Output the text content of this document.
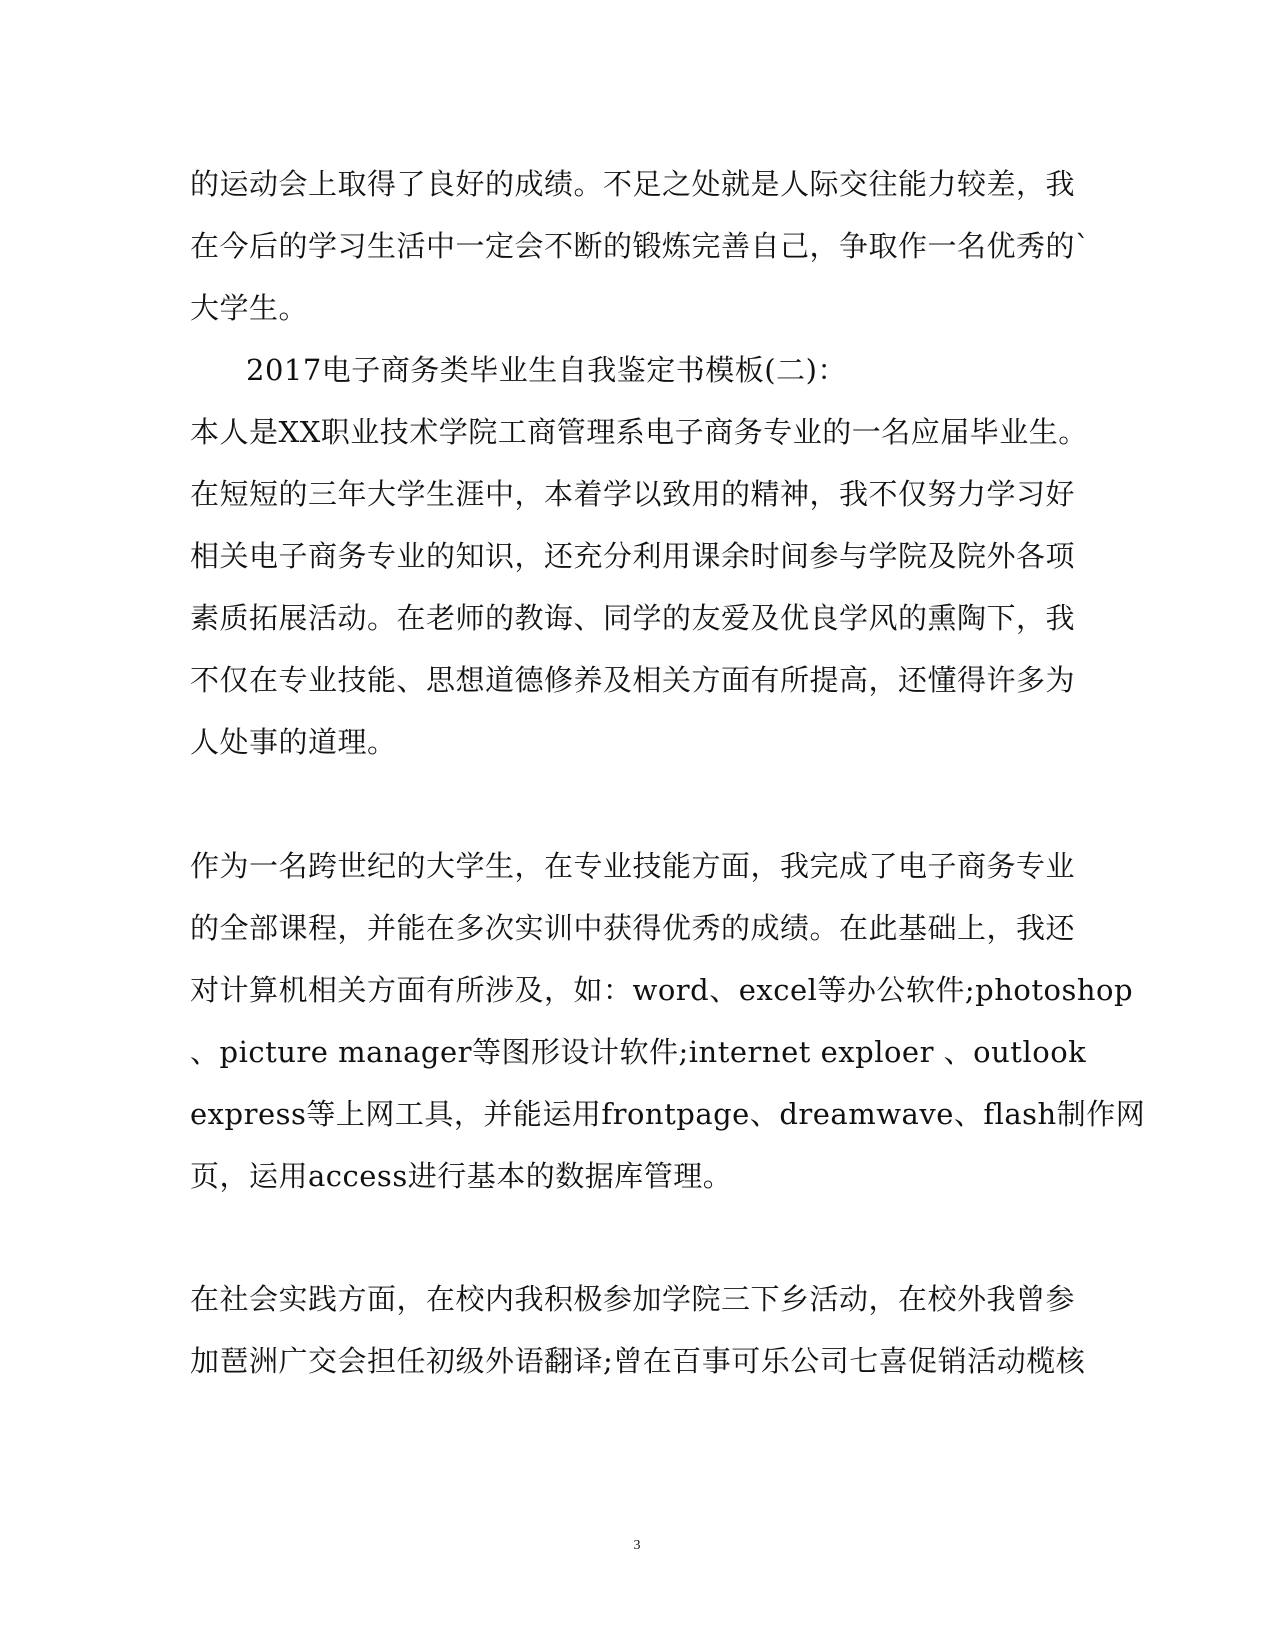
的运动会上取得了良好的成绩。不足之处就是人际交往能力较差，我
在今后的学习生活中一定会不断的锻炼完善自己，争取作一名优秀的`
大学生。
2017电子商务类毕业生自我鉴定书模板(二)：
本人是XX职业技术学院工商管理系电子商务专业的一名应届毕业生。
在短短的三年大学生涯中，本着学以致用的精神，我不仅努力学习好
相关电子商务专业的知识，还充分利用课余时间参与学院及院外各项
素质拓展活动。在老师的教诲、同学的友爱及优良学风的熏陶下，我
不仅在专业技能、思想道德修养及相关方面有所提高，还懂得许多为
人处事的道理。
作为一名跨世纪的大学生，在专业技能方面，我完成了电子商务专业
的全部课程，并能在多次实训中获得优秀的成绩。在此基础上，我还
对计算机相关方面有所涉及，如：word、excel等办公软件;photoshop
、picture manager等图形设计软件;internet exploer 、outlook
express等上网工具，并能运用frontpage、dreamwave、flash制作网
页，运用access进行基本的数据库管理。
在社会实践方面，在校内我积极参加学院三下乡活动，在校外我曾参
加琶洲广交会担任初级外语翻译;曾在百事可乐公司七喜促销活动榄核
3
